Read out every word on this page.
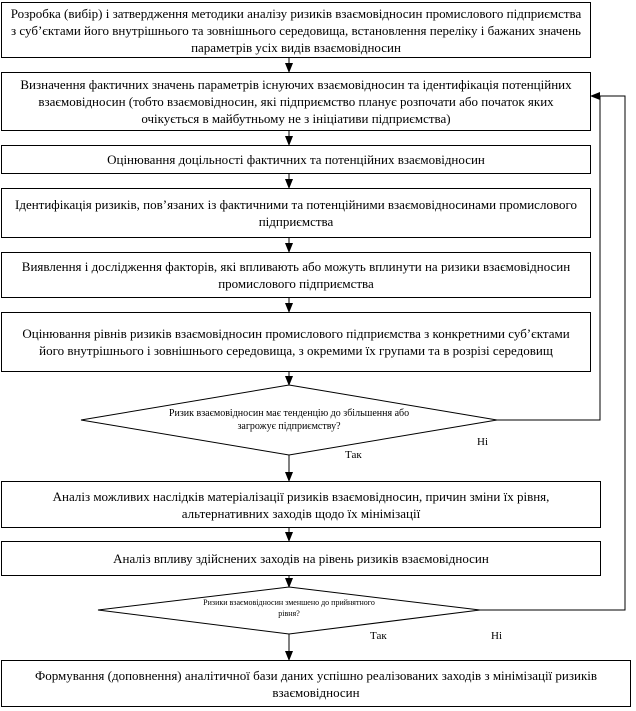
Розробка (вибір) і затвердження методики аналізу ризиків взаємовідносин промислового підприємства з суб’єктами його внутрішнього та зовнішнього середовища, встановлення переліку і бажаних значень параметрів усіх видів взаємовідносин
Визначення фактичних значень параметрів існуючих взаємовідносин та ідентифікація потенційних взаємовідносин (тобто взаємовідносин, які підприємство планує розпочати або початок яких очікується в майбутньому не з ініціативи підприємства)
Оцінювання доцільності фактичних та потенційних взаємовідносин
Ідентифікація ризиків, пов’язаних із фактичними та потенційними взаємовідносинами промислового підприємства
Виявлення і дослідження факторів, які впливають або можуть вплинути на ризики взаємовідносин промислового підприємства
Оцінювання рівнів ризиків взаємовідносин промислового підприємства з конкретними суб’єктами його внутрішнього і зовнішнього середовища, з окремими їх групами та в розрізі середовищ
Ризик взаємовідносин має тенденцію до збільшення або загрожує підприємству?
Ні
Так
Аналіз можливих наслідків матеріалізації ризиків взаємовідносин, причин зміни їх рівня, альтернативних заходів щодо їх мінімізації
Аналіз впливу здійснених заходів на рівень ризиків взаємовідносин
Ризики взаємовідносин зменшено до прийнятного рівня?
Так	Ні
Формування (доповнення) аналітичної бази даних успішно реалізованих заходів з мінімізації ризиків взаємовідносин
